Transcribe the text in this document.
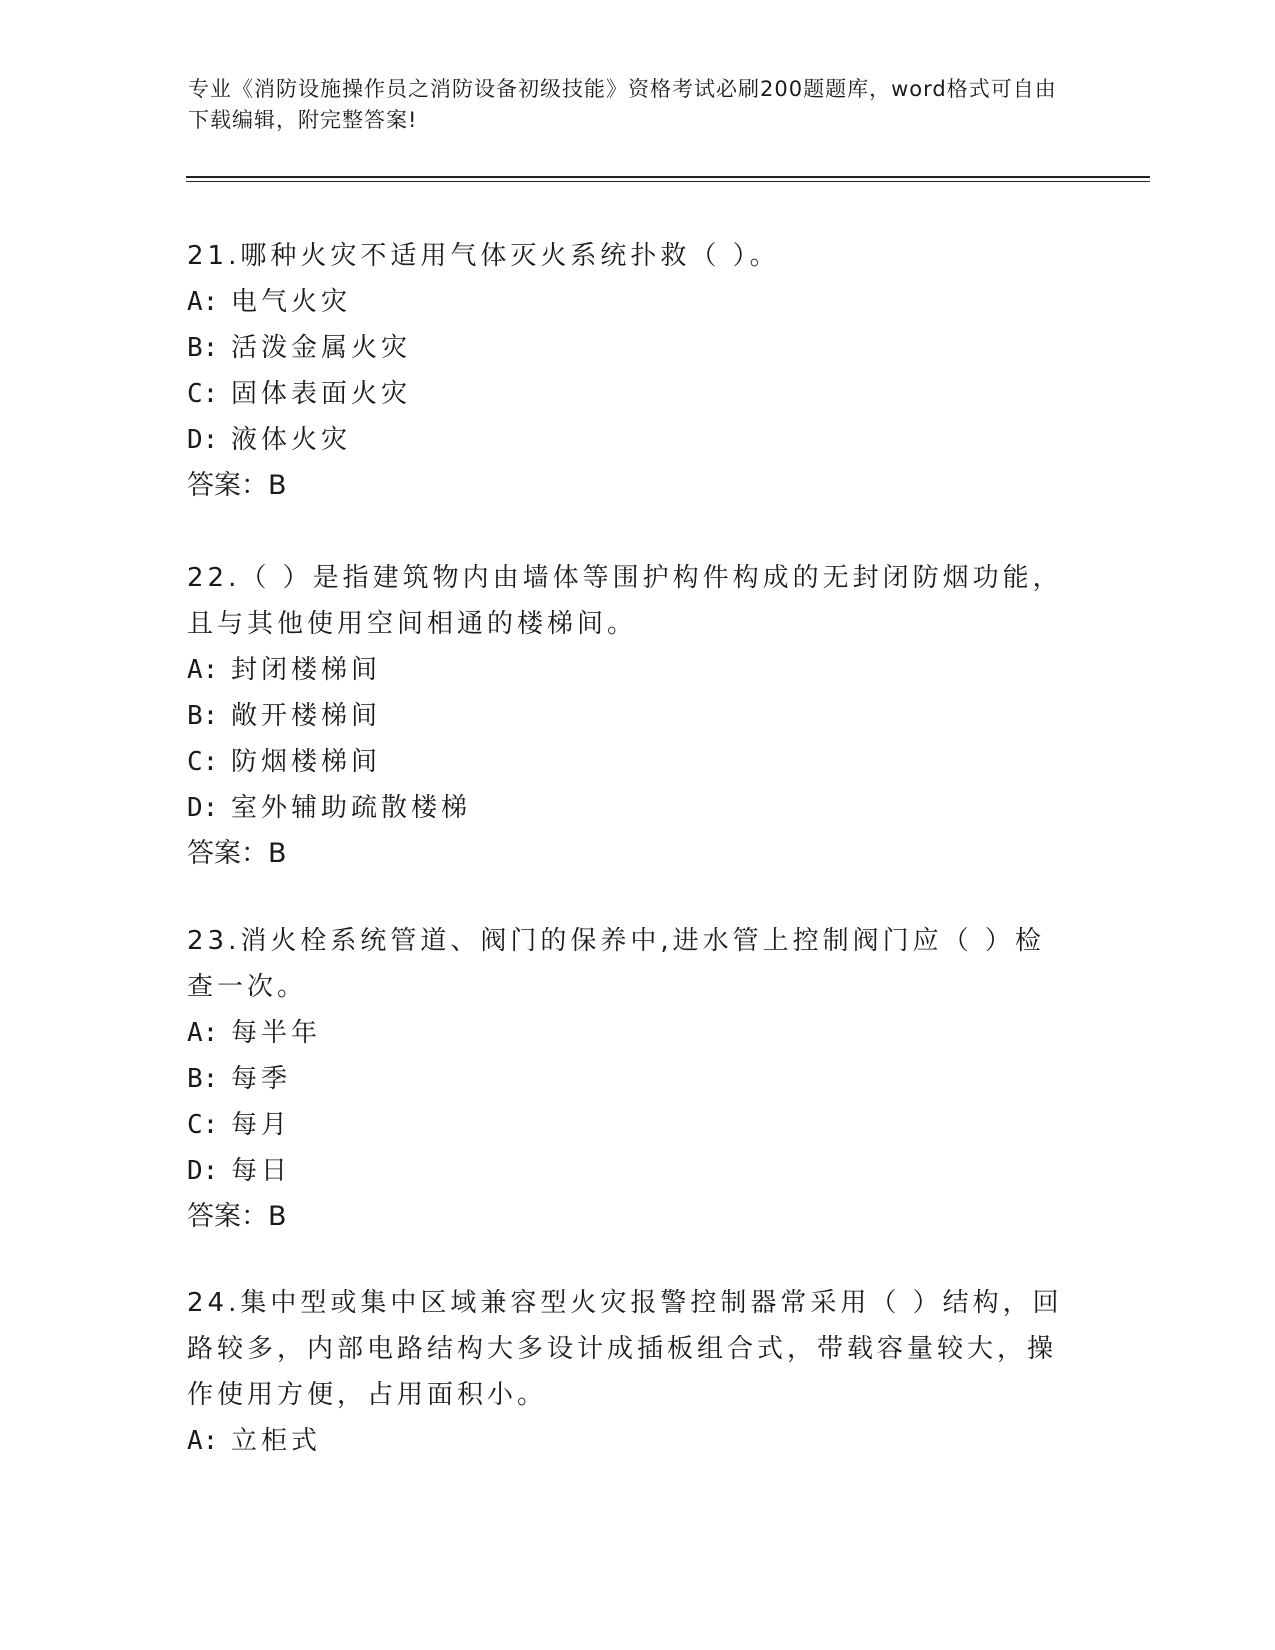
专业《消防设施操作员之消防设备初级技能》资格考试必刷200题题库，word格式可自由下载编辑，附完整答案!

21.哪种火灾不适用气体灭火系统扑救（ ）。

A: 电气火灾

B: 活泼金属火灾

C: 固体表面火灾

D: 液体火灾

答案：B

22.（ ）是指建筑物内由墙体等围护构件构成的无封闭防烟功能，且与其他使用空间相通的楼梯间。

A: 封闭楼梯间

B: 敞开楼梯间

C: 防烟楼梯间

D: 室外辅助疏散楼梯

答案：B

23.消火栓系统管道、阀门的保养中,进水管上控制阀门应（ ）检查一次。

A: 每半年

B: 每季

C: 每月

D: 每日

答案：B

24.集中型或集中区域兼容型火灾报警控制器常采用（ ）结构，回路较多，内部电路结构大多设计成插板组合式，带载容量较大，操作使用方便，占用面积小。

A: 立柜式
